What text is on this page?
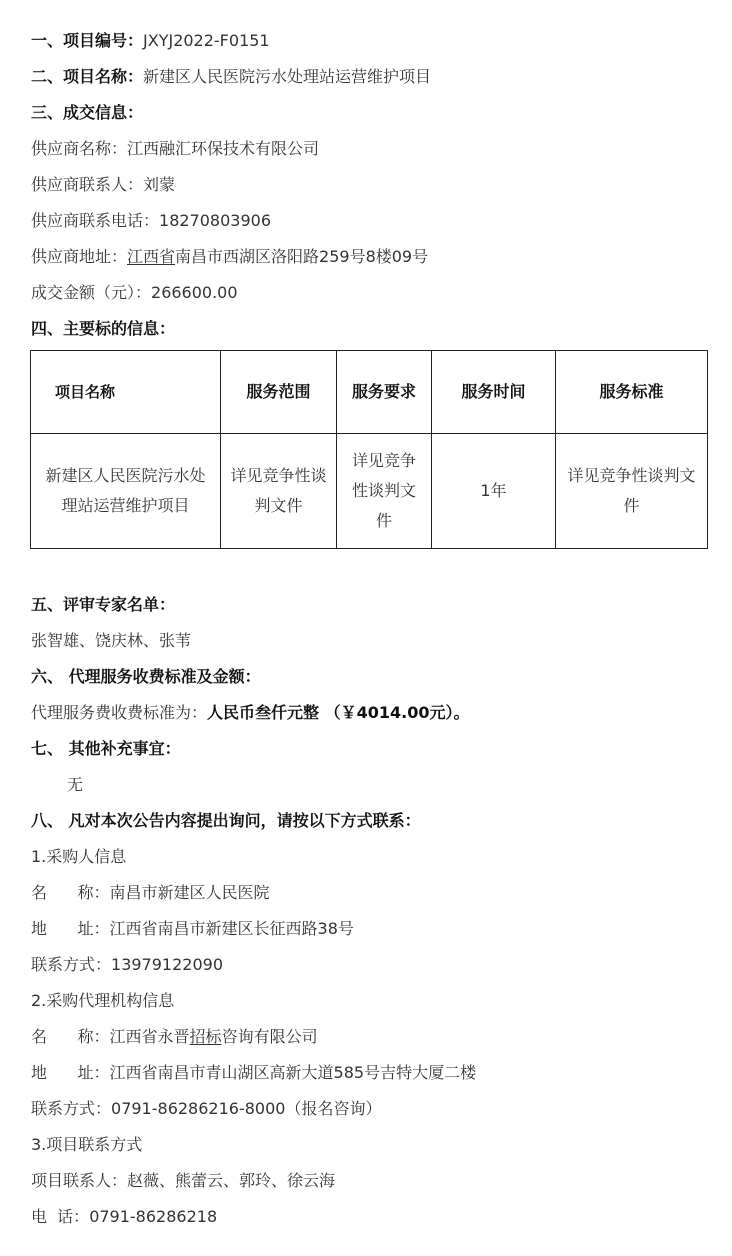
一、项目编号：JXYJ2022-F0151
二、项目名称：新建区人民医院污水处理站运营维护项目
三、成交信息：
供应商名称：江西融汇环保技术有限公司
供应商联系人：刘蒙
供应商联系电话：18270803906
供应商地址：江西省南昌市西湖区洛阳路259号8楼09号
成交金额（元）：266600.00
四、主要标的信息：
项目名称	服务范围	服务要求	服务时间	服务标准
新建区人民医院污水处理站运营维护项目	详见竞争性谈判文件	详见竞争性谈判文件	1年	详见竞争性谈判文件
五、评审专家名单：
张智雄、饶庆林、张苇
六、 代理服务收费标准及金额：
代理服务费收费标准为：人民币叁仟元整 （￥4014.00元）。
七、 其他补充事宜：
无
八、 凡对本次公告内容提出询问，请按以下方式联系：
1.采购人信息
名      称：南昌市新建区人民医院
地      址：江西省南昌市新建区长征西路38号
联系方式：13979122090
2.采购代理机构信息
名      称：江西省永晋招标咨询有限公司
地      址：江西省南昌市青山湖区高新大道585号吉特大厦二楼
联系方式：0791-86286216-8000（报名咨询）
3.项目联系方式
项目联系人：赵薇、熊蕾云、郭玲、徐云海
电  话：0791-86286218
